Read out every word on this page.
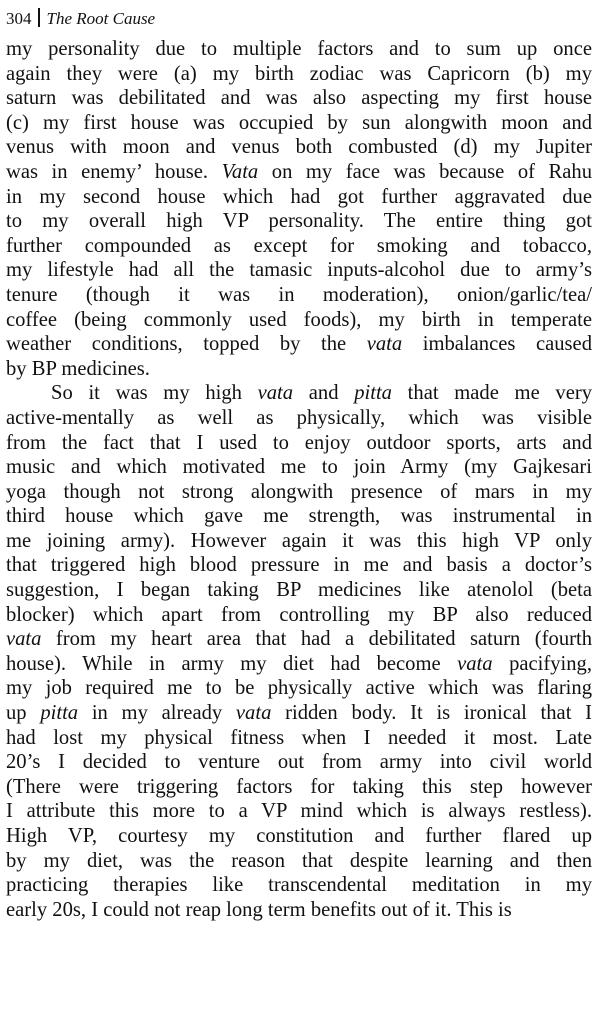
304 The Root Cause
my personality due to multiple factors and to sum up once
again they were (a) my birth zodiac was Capricorn (b) my
saturn was debilitated and was also aspecting my first house
(c) my first house was occupied by sun alongwith moon and
venus with moon and venus both combusted (d) my Jupiter
was in enemy’ house. Vata on my face was because of Rahu
in my second house which had got further aggravated due
to my overall high VP personality. The entire thing got
further compounded as except for smoking and tobacco,
my lifestyle had all the tamasic inputs-alcohol due to army’s
tenure (though it was in moderation), onion/garlic/tea/
coffee (being commonly used foods), my birth in temperate
weather conditions, topped by the vata imbalances caused
by BP medicines.
So it was my high vata and pitta that made me very
active-mentally as well as physically, which was visible
from the fact that I used to enjoy outdoor sports, arts and
music and which motivated me to join Army (my Gajkesari
yoga though not strong alongwith presence of mars in my
third house which gave me strength, was instrumental in
me joining army). However again it was this high VP only
that triggered high blood pressure in me and basis a doctor’s
suggestion, I began taking BP medicines like atenolol (beta
blocker) which apart from controlling my BP also reduced
vata from my heart area that had a debilitated saturn (fourth
house). While in army my diet had become vata pacifying,
my job required me to be physically active which was flaring
up pitta in my already vata ridden body. It is ironical that I
had lost my physical fitness when I needed it most. Late
20’s I decided to venture out from army into civil world
(There were triggering factors for taking this step however
I attribute this more to a VP mind which is always restless).
High VP, courtesy my constitution and further flared up
by my diet, was the reason that despite learning and then
practicing therapies like transcendental meditation in my
early 20s, I could not reap long term benefits out of it. This is
